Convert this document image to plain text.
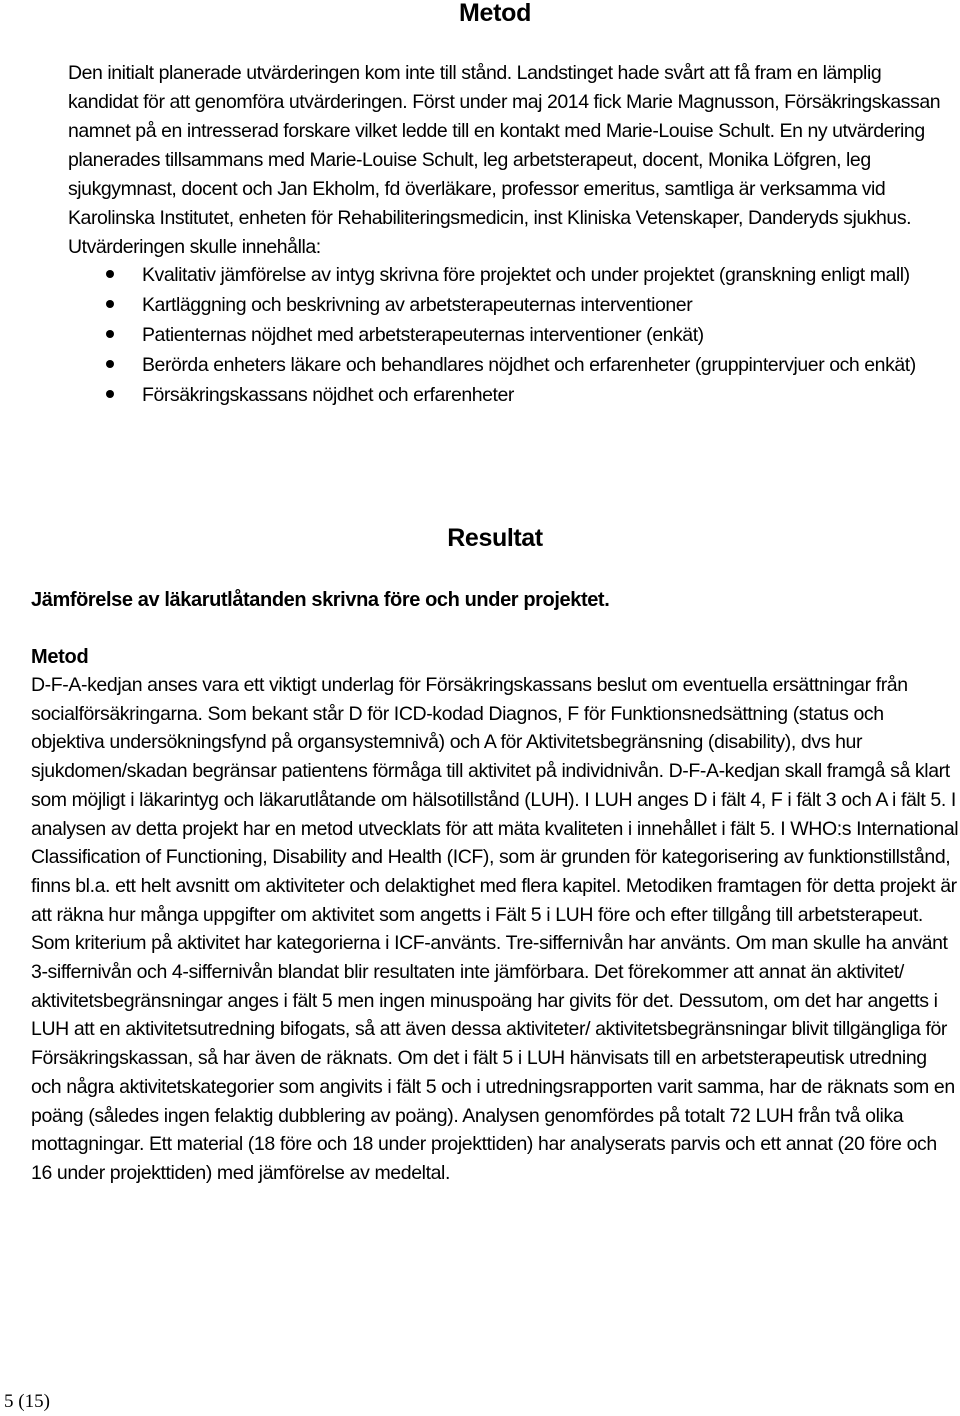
Metod

Den initialt planerade utvärderingen kom inte till stånd. Landstinget hade svårt att få fram en lämplig kandidat för att genomföra utvärderingen. Först under maj 2014 fick Marie Magnusson, Försäkringskassan namnet på en intresserad forskare vilket ledde till en kontakt med Marie-Louise Schult. En ny utvärdering planerades tillsammans med Marie-Louise Schult, leg arbetsterapeut, docent, Monika Löfgren, leg sjukgymnast, docent och Jan Ekholm, fd överläkare, professor emeritus, samtliga är verksamma vid Karolinska Institutet, enheten för Rehabiliteringsmedicin, inst Kliniska Vetenskaper, Danderyds sjukhus. Utvärderingen skulle innehålla:

Kvalitativ jämförelse av intyg skrivna före projektet och under projektet (granskning enligt mall)
Kartläggning och beskrivning av arbetsterapeuternas interventioner
Patienternas nöjdhet med arbetsterapeuternas interventioner (enkät)
Berörda enheters läkare och behandlares nöjdhet och erfarenheter (gruppintervjuer och enkät)
Försäkringskassans nöjdhet och erfarenheter
Resultat

Jämförelse av läkarutlåtanden skrivna före och under projektet.

Metod

D-F-A-kedjan anses vara ett viktigt underlag för Försäkringskassans beslut om eventuella ersättningar från socialförsäkringarna. Som bekant står D för ICD-kodad Diagnos, F för Funktionsnedsättning (status och objektiva undersökningsfynd på organsystemnivå) och A för Aktivitetsbegränsning (disability), dvs hur sjukdomen/skadan begränsar patientens förmåga till aktivitet på individnivån. D-F-A-kedjan skall framgå så klart som möjligt i läkarintyg och läkarutlåtande om hälsotillstånd (LUH). I LUH anges D i fält 4, F i fält 3 och A i fält 5. I analysen av detta projekt har en metod utvecklats för att mäta kvaliteten i innehållet i fält 5. I WHO:s International Classification of Functioning, Disability and Health (ICF), som är grunden för kategorisering av funktionstillstånd, finns bl.a. ett helt avsnitt om aktiviteter och delaktighet med flera kapitel. Metodiken framtagen för detta projekt är att räkna hur många uppgifter om aktivitet som angetts i Fält 5 i LUH före och efter tillgång till arbetsterapeut. Som kriterium på aktivitet har kategorierna i ICF-använts. Tre-siffernivån har använts. Om man skulle ha använt 3-siffernivån och 4-siffernivån blandat blir resultaten inte jämförbara. Det förekommer att annat än aktivitet/ aktivitetsbegränsningar anges i fält 5 men ingen minuspoäng har givits för det. Dessutom, om det har angetts i LUH att en aktivitetsutredning bifogats, så att även dessa aktiviteter/ aktivitetsbegränsningar blivit tillgängliga för Försäkringskassan, så har även de räknats. Om det i fält 5 i LUH hänvisats till en arbetsterapeutisk utredning och några aktivitetskategorier som angivits i fält 5 och i utredningsrapporten varit samma, har de räknats som en poäng (således ingen felaktig dubblering av poäng). Analysen genomfördes på totalt 72 LUH från två olika mottagningar. Ett material (18 före och 18 under projekttiden) har analyserats parvis och ett annat (20 före och 16 under projekttiden) med jämförelse av medeltal.

5 (15)
